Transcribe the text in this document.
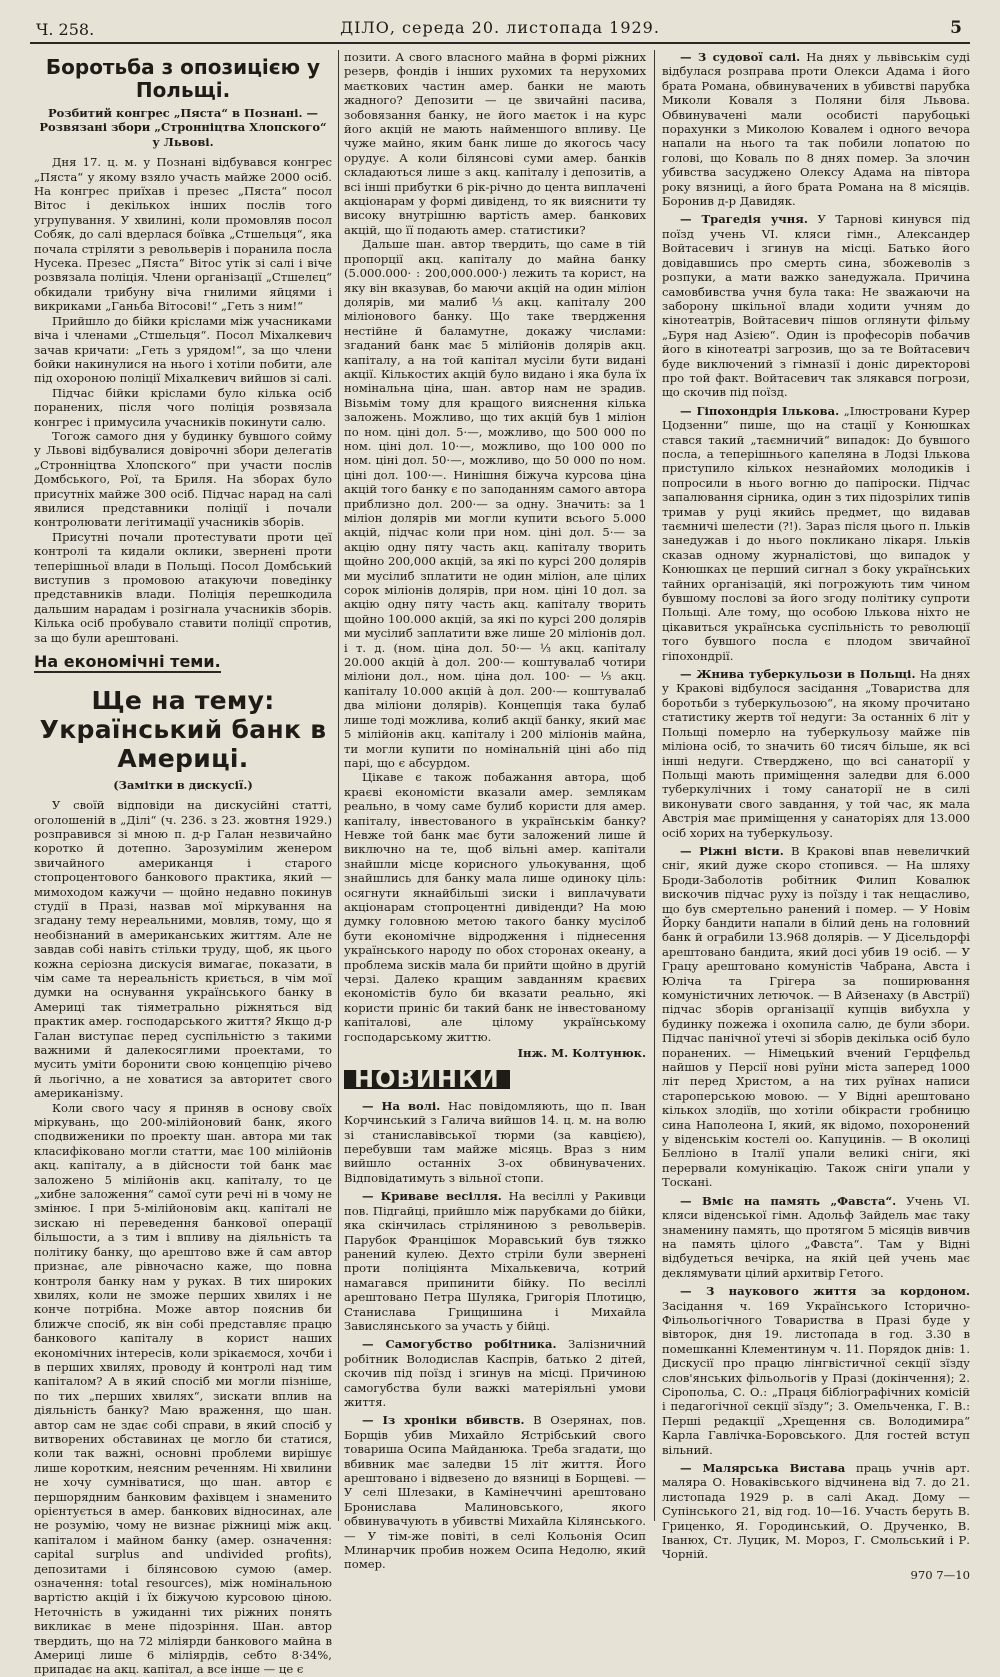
Ч. 258.	ДІЛО, середа 20. листопада 1929.	5
Боротьба з опозицією у Польщі.
Розбитий конгрес „Пяста“ в Познані. — Розвязані збори „Стронніцтва Хлопского“ у Львові.

Дня 17. ц. м. у Познані відбувався конгрес „Пяста“ у якому взяло участь майже 2000 осіб. На конгрес приїхав і презес „Пяста“ посол Вітос і декількох інших послів того угрупування. У хвилині, коли промовляв посол Собяк, до салі вдерлася боївка „Стшельця“, яка почала стріляти з револьверів і поранила посла Нусека. Презес „Пяста“ Вітос утік зі салі і вічe розвязала поліція. Члени організації „Стшелєц“ обкидали трибуну віча гнилими яйцями і викриками „Ганьба Вітосові!“ „Геть з ним!“

Прийшло до бійки кріслами між учасниками віча і членами „Стшельця“. Посол Міхалкевич зачав кричати: „Геть з урядом!“, за що члени бойки накинулися на нього і хотіли побити, але під охороною поліції Міхалкевич вийшов зі салі.

Підчас бійки кріслами було кілька осіб поранених, після чого поліція розвязала конгрес і примусила учасників покинути салю.

Тогож самого дня у будинку бувшого сойму у Львові відбувалися довірочні збори делегатів „Стронніцтва Хлопского“ при участи послів Домбського, Рої, та Бриля. На зборах було присутніх майже 300 осіб. Підчас нарад на салі явилися представники поліції і почали контролювати легітимації учасників зборів.

Присутні почали протестувати проти цеї контролі та кидали оклики, звернені проти теперішньої влади в Польщі. Посол Домбський виступив з промовою атакуючи поведінку представників влади. Поліція перешкодила дальшим нарадам і розігнала учасників зборів. Кілька осіб пробувало ставити поліції спротив, за що були арештовані.

На економічні теми.
Ще на тему: Український банк в Америці.
(Замітки в дискусії.)

У своїй відповіди на дискусійні статті, оголошеній в „Ділі“ (ч. 236. з 23. жовтня 1929.) розправився зі мною п. д-р Галан незвичайно коротко й дотепно. Зарозумілим женером звичайного американця і старого стопроцентового банкового практика, який — мимоходом кажучи — щойно недавно покинув студії в Празі, назвав мої міркування на згадану тему нереальними, мовляв, тому, що я необізнаний в американських життям. Але не завдав собі навіть стільки труду, щоб, як цього кожна серіозна дискусія вимагає, показати, в чім саме та нереальність криється, в чім мої думки на оснування українського банку в Америці так тіяметрально ріжняться від практик амер. господарського життя? Якщо д-р Галан виступає перед суспільністю з такими важними й далекосяглими проектами, то мусить уміти боронити свою концепцію річево й льогічно, а не ховатися за авторитет свого американізму.

Коли свого часу я приняв в основу своїх міркувань, що 200-мілійоновий банк, якого сподвиженики по проекту шан. автора ми так класифіковано могли статти, має 100 мілійонів акц. капіталу, а в дійсности той банк має заложено 5 мілійонів акц. капіталу, то це „хибне заложення“ самої сути речі ні в чому не змінює. І при 5-мілійоновім акц. капіталі не зискаю ні переведення банкової операції більшости, а з тим і впливу на діяльність та політику банку, що арештово вже й сам автор признає, але рівночасно каже, що повна контроля банку нам у руках. В тих широких хвилях, коли не зможе перших хвилях і не конче потрібна. Може автор пояснив би ближче спосіб, як він собі представляє працю банкового капіталу в корист наших економічних інтересів, коли зрікаємося, хочби і в перших хвилях, проводу й контролі над тим капіталом? А в який спосіб ми могли пізніше, по тих „перших хвилях“, зискати вплив на діяльність банку? Маю враження, що шан. автор сам не здає собі справи, в який спосіб у витворених обставинах це могло би статися, коли так важні, основні проблеми вирішує лише коротким, неясним реченням. Ні хвилини не хочу сумніватися, що шан. автор є першорядним банковим фахівцем і знаменито орієнтується в амер. банкових відносинах, але не розумію, чому не визнає ріжниці між акц. капіталом і майном банку (амер. означення: capital surplus and undivided profits), депозитами і білянсовою сумою (амер. означення: total resources), між номінальною вартістю акцій і їх біжучою курсовою ціною. Неточність в ужиданні тих ріжних понять викликає в мене підозріння. Шан. автор твердить, що на 72 міліярди банкового майна в Америці лише 6 міліярдів, себто 8·34%, припадає на акц. капітал, а все інше — це є

позити. А свого власного майна в формі ріжних резерв, фондів і інших рухомих та нерухомих маєткових частин амер. банки не мають жадного? Депозити — це звичайні пасива, зобовязання банку, не його маєток і на курс його акцій не мають найменшого впливу. Це чуже майно, яким банк лише до якогось часу орудує. А коли білянсові суми амер. банків складаються лише з акц. капіталу і депозитів, а всі інші прибутки 6 рік-річно до цента виплачені акціонарам у формі дивіденд, то як вияснити ту високу внутрішню вартість амер. банкових акцій, що її подають амер. статистики?

Дальше шан. автор твердить, що саме в тій пропорції акц. капіталу до майна банку (5.000.000· : 200,000.000·) лежить та корист, на яку він вказував, бо маючи акцій на один міліон долярів, ми малиб ⅓ акц. капіталу 200 міліонового банку. Що таке твердження нестійне й баламутне, докажу числами: згаданий банк має 5 мілійонів долярів акц. капіталу, а на той капітал мусіли бути видані акції. Кількостих акцій було видано і яка була їх номінальна ціна, шан. автор нам не зрадив. Візьмім тому для кращого вияснення кілька заложень. Можливо, що тих акцій був 1 міліон по ном. ціні дол. 5·—, можливо, що 500 000 по ном. ціні дол. 10·—, можливо, що 100 000 по ном. ціні дол. 50·—, можливо, що 50 000 по ном. ціні дол. 100·—. Нинішня біжуча курсова ціна акцій того банку є по заподанням самого автора приблизно дол. 200·— за одну. Значить: за 1 міліон долярів ми могли купити всього 5.000 акцій, підчас коли при ном. ціні дол. 5·— за акцію одну пяту часть акц. капіталу творить щойно 200,000 акцій, за які по курсі 200 долярів ми мусілиб зплатити не один міліон, але цілих сорок міліонів долярів, при ном. ціні 10 дол. за акцію одну пяту часть акц. капіталу творить щойно 100.000 акцій, за які по курсі 200 долярів ми мусілиб заплатити вже лише 20 міліонів дол. і т. д. (ном. ціна дол. 50·— ⅓ акц. капіталу 20.000 акцій à дол. 200·— коштувалаб чотири міліони дол., ном. ціна дол. 100· — ⅓ акц. капіталу 10.000 акцій à дол. 200·— коштувалаб два міліони долярів). Концепція така булаб лише тоді можлива, колиб акції банку, який має 5 мілійонів акц. капіталу і 200 міліонів майна, ти могли купити по номінальній ціні або під парі, що є абсурдом.

Цікаве є також побажання автора, щоб краєві економісти вказали амер. землякам реально, в чому саме булиб користи для амер. капіталу, інвестованого в українськім банку? Невже той банк має бути заложений лише й виключно на те, щоб вільні амер. капітали знайшли місце корисного ульокування, щоб знайшлись для банку мала лише одиноку ціль: осягнути якнайбільші зиски і виплачувати акціонарам стопроцентні дивіденди? На мою думку головною метою такого банку мусілоб бути економічне відродження і піднесення українського народу по обох сторонах океану, а проблема зисків мала би прийти щойно в другій черзі. Далеко кращим завданням краєвих економістів було би вказати реально, які користи приніс би такий банк не інвестованому капіталові, але цілому українському господарському життю.

Інж. М. Колтунюк.
НОВИНКИ

— На волі. Нас повідомляють, що п. Іван Корчинський з Галича вийшов 14. ц. м. на волю зі станиславівської тюрми (за кавцією), перебувши там майже місяць. Враз з ним вийшло останніх 3-ох обвинувачених. Відповідатимуть з вільної стопи.

— Криваве весілля. На весіллі у Ракивци пов. Підгайці, прийшло між парубками до бійки, яка скінчилась стріляниною з револьверів. Парубок Францішок Моравський був тяжко ранений кулею. Дехто стріли були звернені проти поліціянта Міхалькевича, котрий намагався припинити бійку. По весіллі арештовано Петра Шуляка, Григорія Плотицю, Станислава Грищишина і Михайла Завислянського за участь у бійці.

— Самогубство робітника. Залізничний робітник Володислав Каспрів, батько 2 дітей, скочив під поїзд і згинув на місці. Причиною самогубства були важкі матеріяльні умови життя.

— Із хроніки вбивств. В Озерянах, пов. Борщів убив Михайло Ястрібський свого товариша Осипа Майданюка. Треба згадати, що вбивник має заледви 15 літ життя. Його арештовано і відвезено до вязниці в Борщеві. — У селі Шлезаки, в Камінеччині арештовано Бронислава Малиновського, якого обвинувачують в убивстві Михайла Кілянського. — У тім-же повіті, в селі Кольонія Осип Млинарчик пробив ножем Осипа Недолю, який помер.

— З судової салі. На днях у львівськім суді відбулася розправа проти Олекси Адама і його брата Романа, обвинувачених в убивстві парубка Миколи Коваля з Поляни біля Львова. Обвинувачені мали особисті парубоцькі порахунки з Миколою Ковалем і одного вечора напали на нього та так побили лопатою по голові, що Коваль по 8 днях помер. За злочин убивства засуджено Олексу Адама на півтора року вязниці, а його брата Романа на 8 місяців. Боронив д-р Давидяк.

— Трагедія учня. У Тарнові кинувся під поїзд учень VI. кляси гімн., Александер Войтасевич і згинув на місці. Батько його довідавшись про смерть сина, збожеволів з розпуки, а мати важко занедужала. Причина самовбивства учня була така: Не зважаючи на заборону шкільної влади ходити учням до кінотеатрів, Войтасевич пішов оглянути фільму „Буря над Азією“. Один із професорів побачив його в кінотеатрі загрозив, що за те Войтасевич буде виключений з гімназії і доніс директорові про той факт. Войтасевич так злякався погрози, що скочив під поїзд.

— Гіпохондрія Ількова. „Ілюстровани Курер Цодзенни“ пише, що на стації у Конюшках стався такий „таємничий“ випадок: До бувшого посла, а теперішнього капеляна в Лодзі Ількова приступило кількох незнайомих молодиків і попросили в нього вогню до папіроски. Підчас запалювання сірника, один з тих підозрілих типів тримав у руці якийсь предмет, що видавав таємничі шелести (?!). Зараз після цього п. Ільків занедужав і до нього покликано лікаря. Ільків сказав одному журналістові, що випадок у Конюшках це перший сигнал з боку українських тайних організацій, які погрожують тим чином бувшому послові за його згоду політику супроти Польщі. Але тому, що особою Ількова ніхто не цікавиться українська суспільність то революції того бувшого посла є плодом звичайної гіпохондрії.

— Жнива туберкульози в Польщі. На днях у Кракові відбулося засідання „Товариства для боротьби з туберкульозою“, на якому прочитано статистику жертв тої недуги: За останніх 6 літ у Польщі померло на туберкульозу майже пів міліона осіб, то значить 60 тисяч більше, як всі інші недуги. Стверджено, що всі санаторії у Польщі мають приміщення заледви для 6.000 туберкулічних і тому санаторії не в силі виконувати свого завдання, у той час, як мала Австрія має приміщення у санаторіях для 13.000 осіб хорих на туберкульозу.

— Ріжні вісти. В Кракові впав невеличкий сніг, який дуже скоро стопився. — На шляху Броди-Заболотів робітник Филип Ковалюк вискочив підчас руху із поїзду і так нещасливо, що був смертельно ранений і помер. — У Новім Йорку бандити напали в білий день на головний банк й ограбили 13.968 долярів. — У Дісельдорфі арештовано бандита, який досі убив 19 осіб. — У Грацу арештовано комуністів Чабрана, Авста і Юліча та Грігера за поширювання комуністичних летючок. — В Айзенаху (в Австрії) підчас зборів організації купців вибухла у будинку пожежа і охопила салю, де були збори. Підчас панічної утечі зі зборів декілька осіб було поранених. — Німецький вчений Герцфельд найшов у Персії нові руїни міста заперед 1000 літ перед Христом, а на тих руїнах написи староперською мовою. — У Відні арештовано кількох злодіїв, що хотіли обікрасти гробницю сина Наполеона І, який, як відомо, похоронений у віденськім костелі оо. Капуцинів. — В околиці Белліоно в Італії упали великі сніги, які перервали комунікацію. Також сніги упали у Тоскані.

— Вміє на память „Фавста“. Учень VI. кляси віденської гімн. Адольф Зайдель має таку знаменину память, що протягом 5 місяців вивчив на память цілого „Фавста“. Там у Віднi відбудеться вечірка, на якій цей учень має деклямувати цілий архитвір Гетого.

— З наукового життя за кордоном. Засідання ч. 169 Українського Історично-Фільольогічного Товариства в Празі буде у вівторок, дня 19. листопада в год. 3.30 в помешканні Клементинум ч. 11. Порядок днів: 1. Дискусії про працю лінгвістичної секції зїзду слов'янських фільольогів у Празі (докінчення); 2. Сіропольа, С. О.: „Праця бібліографічних комісій і педагогічної секції зїзду“; 3. Омельченка, Г. В.: Перші редакції „Хрещення св. Володимира“ Карла Гавлічка-Боровського. Для гостей вступ вільний.

— Малярська Вистава праць учнів арт. маляра О. Новаківського відчинена від 7. до 21. листопада 1929 р. в салі Акад. Дому — Супінського 21, від год. 10—16. Участь беруть В. Гриценко, Я. Городинський, О. Друченко, В. Іванюх, Ст. Луцик, М. Мороз, Г. Смольський і Р. Чорній.

970 7—10
